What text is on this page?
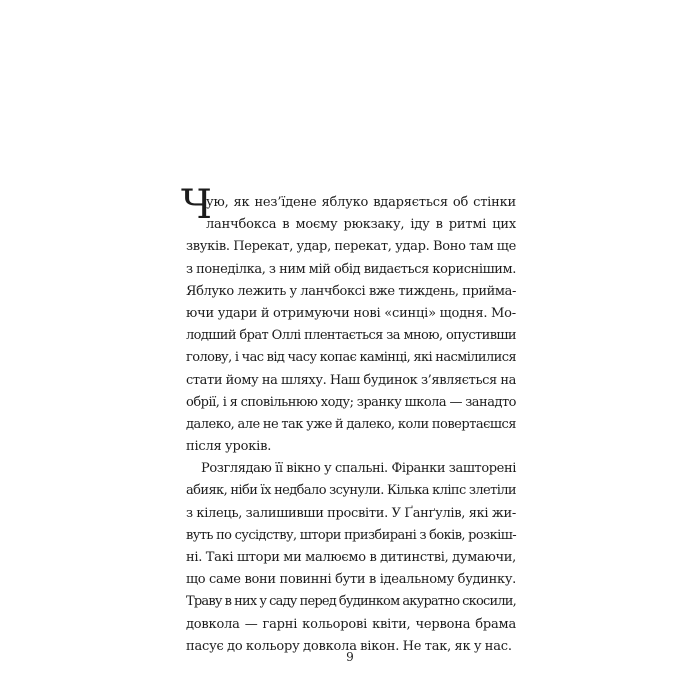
Ч
ую, як нез’їдене яблуко вдаряється об стінки
ланчбокса в моєму рюкзаку, іду в ритмі цих
звуків. Перекат, удар, перекат, удар. Воно там ще
з понеділка, з ним мій обід видається кориснішим.
Яблуко лежить у ланчбоксі вже тиждень, прийма-
ючи удари й отримуючи нові «синці» щодня. Мо-
лодший брат Оллі плентається за мною, опустивши
голову, і час від часу копає камінці, які насмілилися
стати йому на шляху. Наш будинок з’являється на
обрії, і я сповільнюю ходу; зранку школа — занадто
далеко, але не так уже й далеко, коли повертаєшся
після уроків.
Розглядаю її вікно у спальні. Фіранки зашторені
абияк, ніби їх недбало зсунули. Кілька кліпс злетіли
з кілець, залишивши просвіти. У Ґанґулів, які жи-
вуть по сусідству, штори призбирані з боків, розкіш-
ні. Такі штори ми малюємо в дитинстві, думаючи,
що саме вони повинні бути в ідеальному будинку.
Траву в них у саду перед будинком акуратно скосили,
довкола — гарні кольорові квіти, червона брама
пасує до кольору довкола вікон. Не так, як у нас.
9
